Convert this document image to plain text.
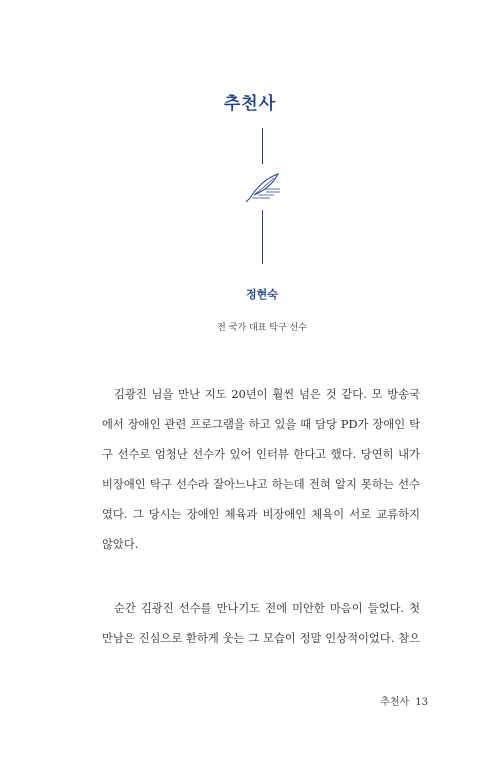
추천사
정현숙
전 국가 대표 탁구 선수
김광진 님을 만난 지도 20년이 훨씬 넘은 것 같다. 모 방송국
에서 장애인 관련 프로그램을 하고 있을 때 담당 PD가 장애인 탁
구 선수로 엄청난 선수가 있어 인터뷰 한다고 했다. 당연히 내가
비장애인 탁구 선수라 잘아느냐고 하는데 전혀 알지 못하는 선수
였다. 그 당시는 장애인 체육과 비장애인 체육이 서로 교류하지
않았다.
순간 김광진 선수를 만나기도 전에 미안한 마음이 들었다. 첫
만남은 진심으로 환하게 웃는 그 모습이 정말 인상적이었다. 참으
추천사 13
